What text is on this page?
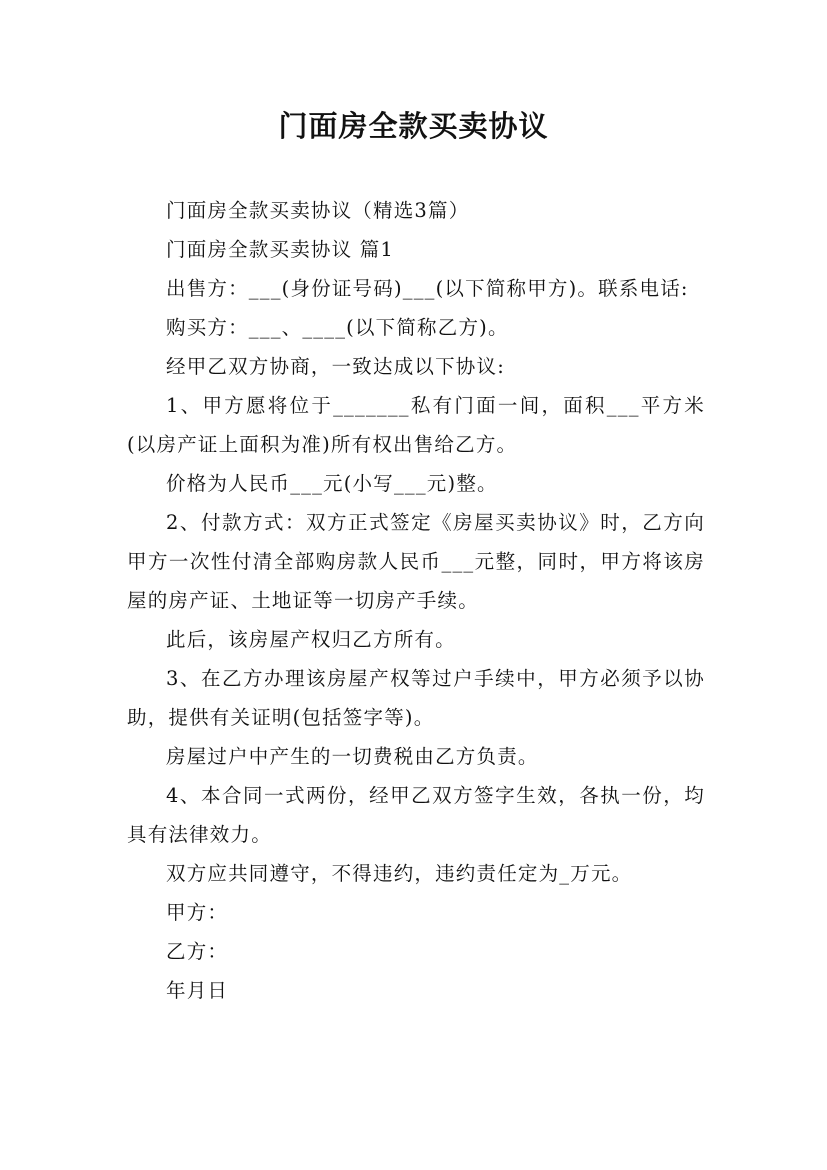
门面房全款买卖协议

门面房全款买卖协议（精选3篇）

门面房全款买卖协议 篇1

出售方：___(身份证号码)___(以下简称甲方)。联系电话:

购买方：___、____(以下简称乙方)。

经甲乙双方协商，一致达成以下协议:

1、甲方愿将位于_______私有门面一间，面积___平方米(以房产证上面积为准)所有权出售给乙方。

价格为人民币___元(小写___元)整。

2、付款方式：双方正式签定《房屋买卖协议》时，乙方向甲方一次性付清全部购房款人民币___元整，同时，甲方将该房屋的房产证、土地证等一切房产手续。

此后，该房屋产权归乙方所有。

3、在乙方办理该房屋产权等过户手续中，甲方必须予以协助，提供有关证明(包括签字等)。

房屋过户中产生的一切费税由乙方负责。

4、本合同一式两份，经甲乙双方签字生效，各执一份，均具有法律效力。

双方应共同遵守，不得违约，违约责任定为_万元。

甲方：

乙方：

年月日
